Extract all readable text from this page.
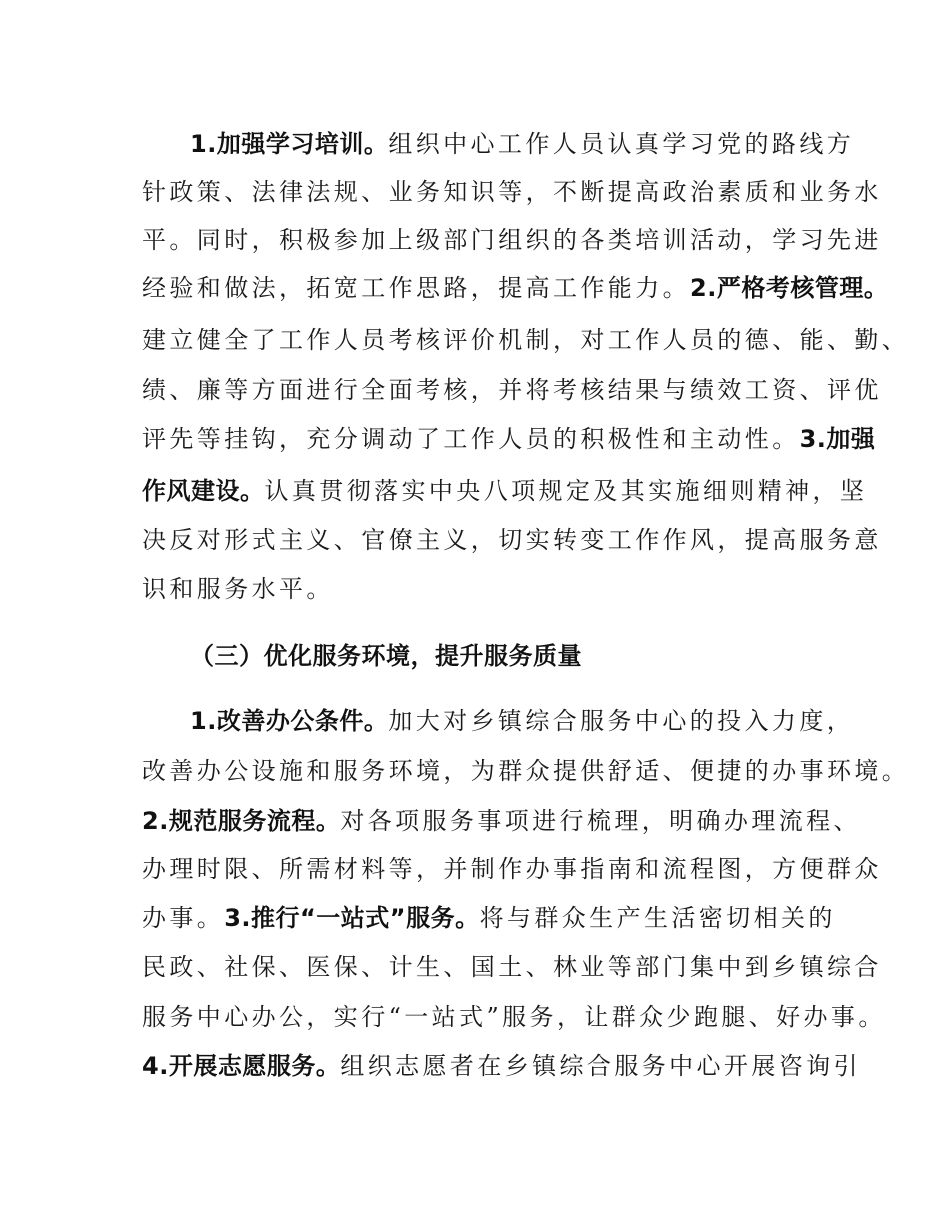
1.加强学习培训。组织中心工作人员认真学习党的路线方
针政策、法律法规、业务知识等，不断提高政治素质和业务水
平。同时，积极参加上级部门组织的各类培训活动，学习先进
经验和做法，拓宽工作思路，提高工作能力。2.严格考核管理。
建立健全了工作人员考核评价机制，对工作人员的德、能、勤、
绩、廉等方面进行全面考核，并将考核结果与绩效工资、评优
评先等挂钩，充分调动了工作人员的积极性和主动性。3.加强
作风建设。认真贯彻落实中央八项规定及其实施细则精神，坚
决反对形式主义、官僚主义，切实转变工作作风，提高服务意
识和服务水平。
（三）优化服务环境，提升服务质量
1.改善办公条件。加大对乡镇综合服务中心的投入力度，
改善办公设施和服务环境，为群众提供舒适、便捷的办事环境。
2.规范服务流程。对各项服务事项进行梳理，明确办理流程、
办理时限、所需材料等，并制作办事指南和流程图，方便群众
办事。3.推行“一站式”服务。将与群众生产生活密切相关的
民政、社保、医保、计生、国土、林业等部门集中到乡镇综合
服务中心办公，实行“一站式”服务，让群众少跑腿、好办事。
4.开展志愿服务。组织志愿者在乡镇综合服务中心开展咨询引
